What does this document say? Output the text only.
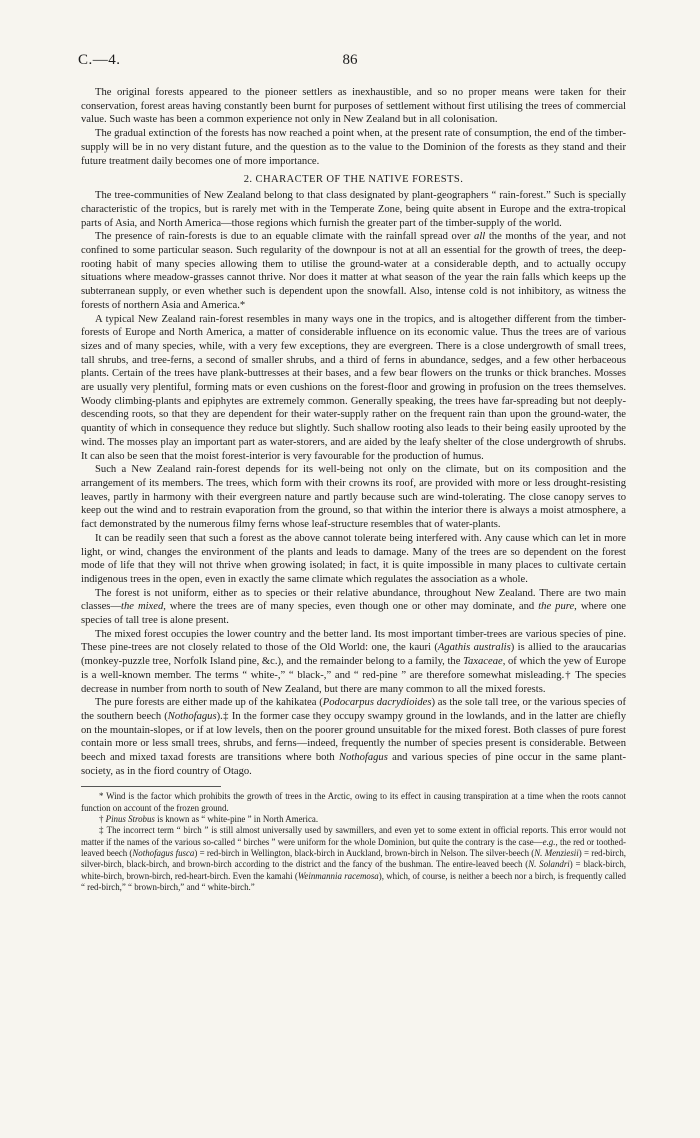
C.—4.	86

The original forests appeared to the pioneer settlers as inexhaustible, and so no proper means were taken for their conservation, forest areas having constantly been burnt for purposes of settlement without first utilising the trees of commercial value. Such waste has been a common experience not only in New Zealand but in all colonisation.

The gradual extinction of the forests has now reached a point when, at the present rate of consumption, the end of the timber-supply will be in no very distant future, and the question as to the value to the Dominion of the forests as they stand and their future treatment daily becomes one of more importance.

2. CHARACTER OF THE NATIVE FORESTS.

The tree-communities of New Zealand belong to that class designated by plant-geographers “ rain-forest.” Such is specially characteristic of the tropics, but is rarely met with in the Temperate Zone, being quite absent in Europe and the extra-tropical parts of Asia, and North America—those regions which furnish the greater part of the timber-supply of the world.

The presence of rain-forests is due to an equable climate with the rainfall spread over all the months of the year, and not confined to some particular season. Such regularity of the downpour is not at all an essential for the growth of trees, the deep-rooting habit of many species allowing them to utilise the ground-water at a considerable depth, and to actually occupy situations where meadow-grasses cannot thrive. Nor does it matter at what season of the year the rain falls which keeps up the subterranean supply, or even whether such is dependent upon the snowfall. Also, intense cold is not inhibitory, as witness the forests of northern Asia and America.*

A typical New Zealand rain-forest resembles in many ways one in the tropics, and is altogether different from the timber-forests of Europe and North America, a matter of considerable influence on its economic value. Thus the trees are of various sizes and of many species, while, with a very few exceptions, they are evergreen. There is a close undergrowth of small trees, tall shrubs, and tree-ferns, a second of smaller shrubs, and a third of ferns in abundance, sedges, and a few other herbaceous plants. Certain of the trees have plank-buttresses at their bases, and a few bear flowers on the trunks or thick branches. Mosses are usually very plentiful, forming mats or even cushions on the forest-floor and growing in profusion on the trees themselves. Woody climbing-plants and epiphytes are extremely common. Generally speaking, the trees have far-spreading but not deeply-descending roots, so that they are dependent for their water-supply rather on the frequent rain than upon the ground-water, the quantity of which in consequence they reduce but slightly. Such shallow rooting also leads to their being easily uprooted by the wind. The mosses play an important part as water-storers, and are aided by the leafy shelter of the close undergrowth of shrubs. It can also be seen that the moist forest-interior is very favourable for the production of humus.

Such a New Zealand rain-forest depends for its well-being not only on the climate, but on its composition and the arrangement of its members. The trees, which form with their crowns its roof, are provided with more or less drought-resisting leaves, partly in harmony with their evergreen nature and partly because such are wind-tolerating. The close canopy serves to keep out the wind and to restrain evaporation from the ground, so that within the interior there is always a moist atmosphere, a fact demonstrated by the numerous filmy ferns whose leaf-structure resembles that of water-plants.

It can be readily seen that such a forest as the above cannot tolerate being interfered with. Any cause which can let in more light, or wind, changes the environment of the plants and leads to damage. Many of the trees are so dependent on the forest mode of life that they will not thrive when growing isolated; in fact, it is quite impossible in many places to cultivate certain indigenous trees in the open, even in exactly the same climate which regulates the association as a whole.

The forest is not uniform, either as to species or their relative abundance, throughout New Zealand. There are two main classes—the mixed, where the trees are of many species, even though one or other may dominate, and the pure, where one species of tall tree is alone present.

The mixed forest occupies the lower country and the better land. Its most important timber-trees are various species of pine. These pine-trees are not closely related to those of the Old World: one, the kauri (Agathis australis) is allied to the araucarias (monkey-puzzle tree, Norfolk Island pine, &c.), and the remainder belong to a family, the Taxaceae, of which the yew of Europe is a well-known member. The terms “ white-,” “ black-,” and “ red-pine ” are therefore somewhat misleading.† The species decrease in number from north to south of New Zealand, but there are many common to all the mixed forests.

The pure forests are either made up of the kahikatea (Podocarpus dacrydioides) as the sole tall tree, or the various species of the southern beech (Nothofagus).‡ In the former case they occupy swampy ground in the lowlands, and in the latter are chiefly on the mountain-slopes, or if at low levels, then on the poorer ground unsuitable for the mixed forest. Both classes of pure forest contain more or less small trees, shrubs, and ferns—indeed, frequently the number of species present is considerable. Between beech and mixed taxad forests are transitions where both Nothofagus and various species of pine occur in the same plant-society, as in the fiord country of Otago.

* Wind is the factor which prohibits the growth of trees in the Arctic, owing to its effect in causing transpiration at a time when the roots cannot function on account of the frozen ground.

† Pinus Strobus is known as “ white-pine ” in North America.

‡ The incorrect term “ birch ” is still almost universally used by sawmillers, and even yet to some extent in official reports. This error would not matter if the names of the various so-called “ birches ” were uniform for the whole Dominion, but quite the contrary is the case—e.g., the red or toothed-leaved beech (Nothofagus fusca) = red-birch in Wellington, black-birch in Auckland, brown-birch in Nelson. The silver-beech (N. Menziesii) = red-birch, silver-birch, black-birch, and brown-birch according to the district and the fancy of the bushman. The entire-leaved beech (N. Solandri) = black-birch, white-birch, brown-birch, red-heart-birch. Even the kamahi (Weinmannia racemosa), which, of course, is neither a beech nor a birch, is frequently called “ red-birch,” “ brown-birch,” and “ white-birch.”
